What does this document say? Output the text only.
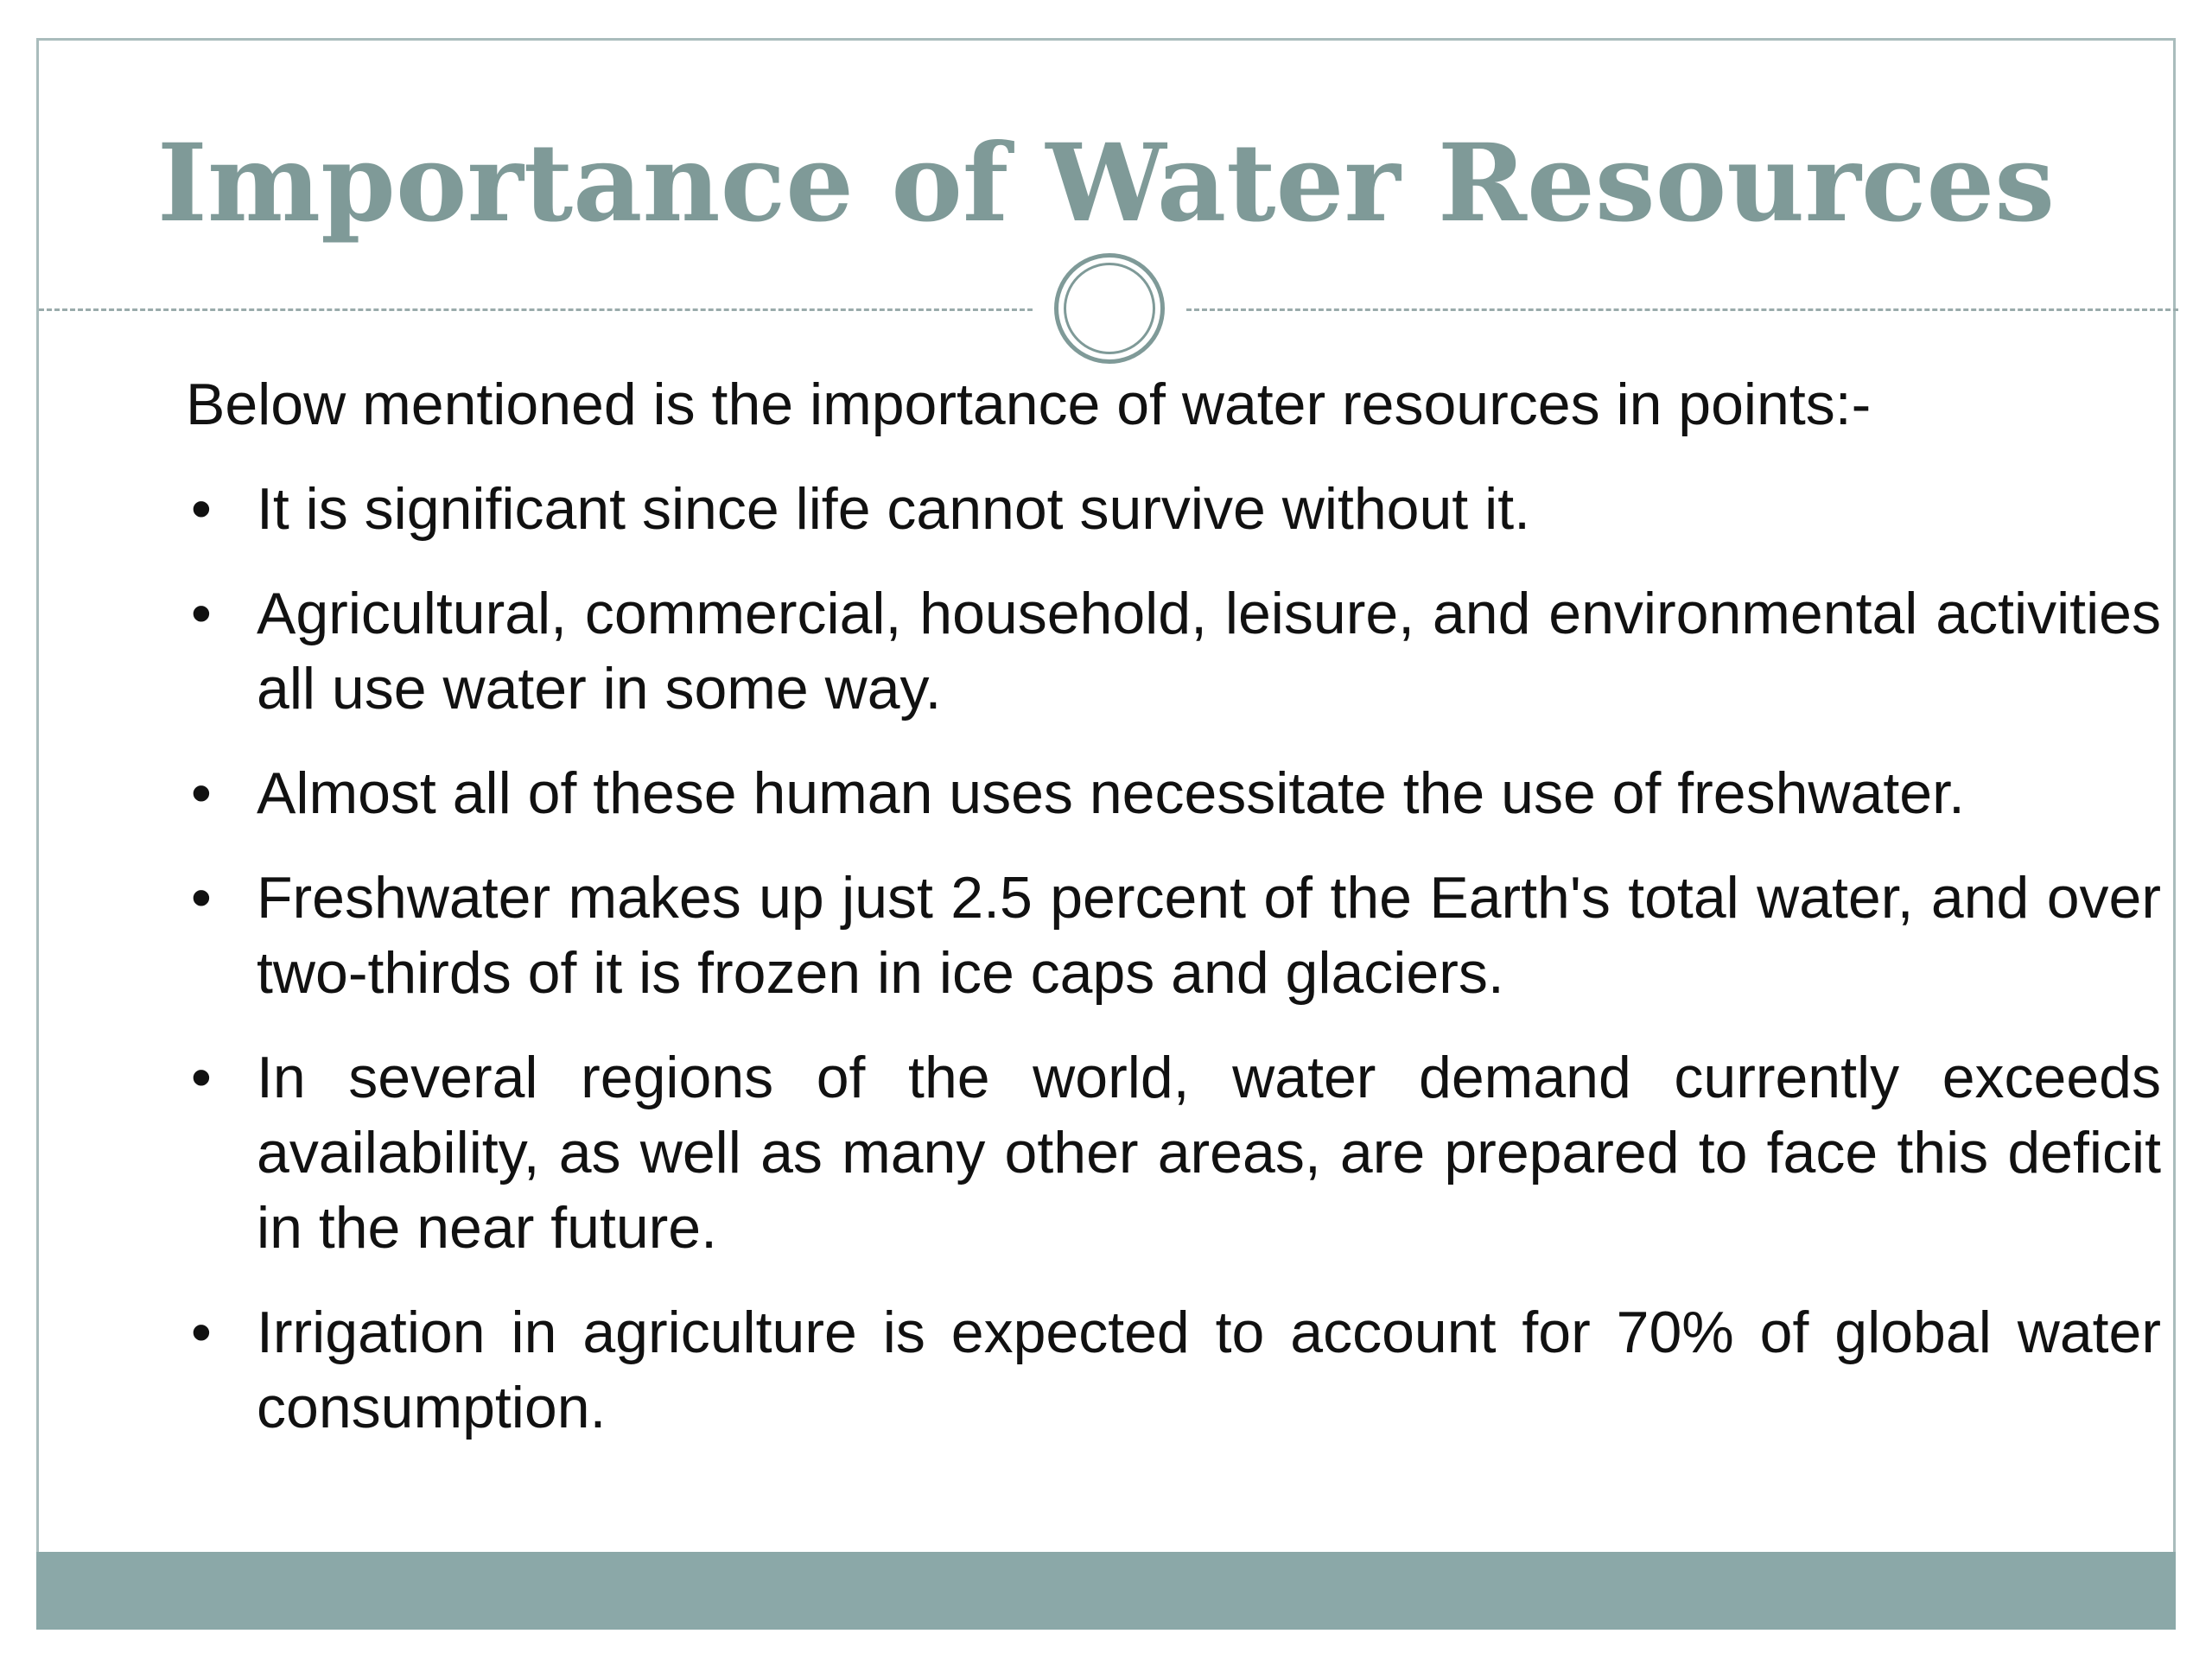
Importance of Water Resources

Below mentioned is the importance of water resources in points:-

• It is significant since life cannot survive without it.
• Agricultural, commercial, household, leisure, and environmental activities all use water in some way.
• Almost all of these human uses necessitate the use of freshwater.
• Freshwater makes up just 2.5 percent of the Earth's total water, and over two-thirds of it is frozen in ice caps and glaciers.
• In several regions of the world, water demand currently exceeds availability, as well as many other areas, are prepared to face this deficit in the near future.
• Irrigation in agriculture is expected to account for 70% of global water consumption.
